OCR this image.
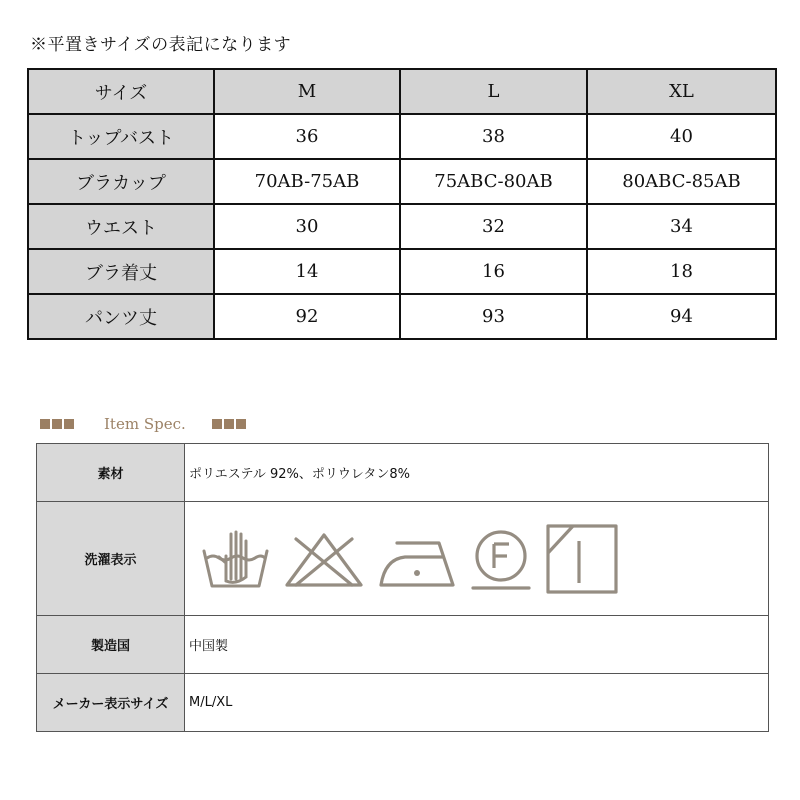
※平置きサイズの表記になります
サイズ	M	L	XL
トップバスト	36	38	40
ブラカップ	70AB-75AB	75ABC-80AB	80ABC-85AB
ウエスト	30	32	34
ブラ着丈	14	16	18
パンツ丈	92	93	94
Item Spec.
素材	ポリエステル 92%、ポリウレタン8%
洗濯表示	

製造国	中国製
メーカー表示サイズ	M/L/XL
